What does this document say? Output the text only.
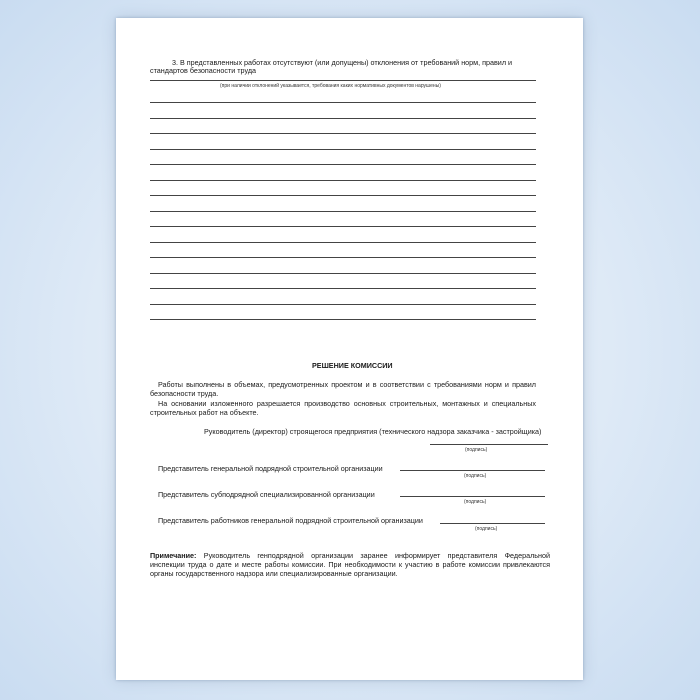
3. В представленных работах отсутствуют (или допущены) отклонения от требований норм, правил и
стандартов безопасности труда
(при наличии отклонений указывается, требования каких нормативных документов нарушены)
РЕШЕНИЕ КОМИССИИ
Работы выполнены в объемах, предусмотренных проектом и в соответствии с требованиями норм и правил
безопасности труда.
На основании изложенного разрешается производство основных строительных, монтажных и специальных
строительных работ на объекте.
Руководитель (директор) строящегося предприятия (технического надзора заказчика - застройщика)
(подпись)
Представитель генеральной подрядной строительной организации
(подпись)
Представитель субподрядной специализированной организации
(подпись)
Представитель работников генеральной подрядной строительной организации
(подпись)
Примечание: Руководитель генподрядной организации заранее информирует представителя Федеральной
инспекции труда о дате и месте работы комиссии. При необходимости к участию в работе комиссии привлекаются
органы государственного надзора или специализированные организации.
